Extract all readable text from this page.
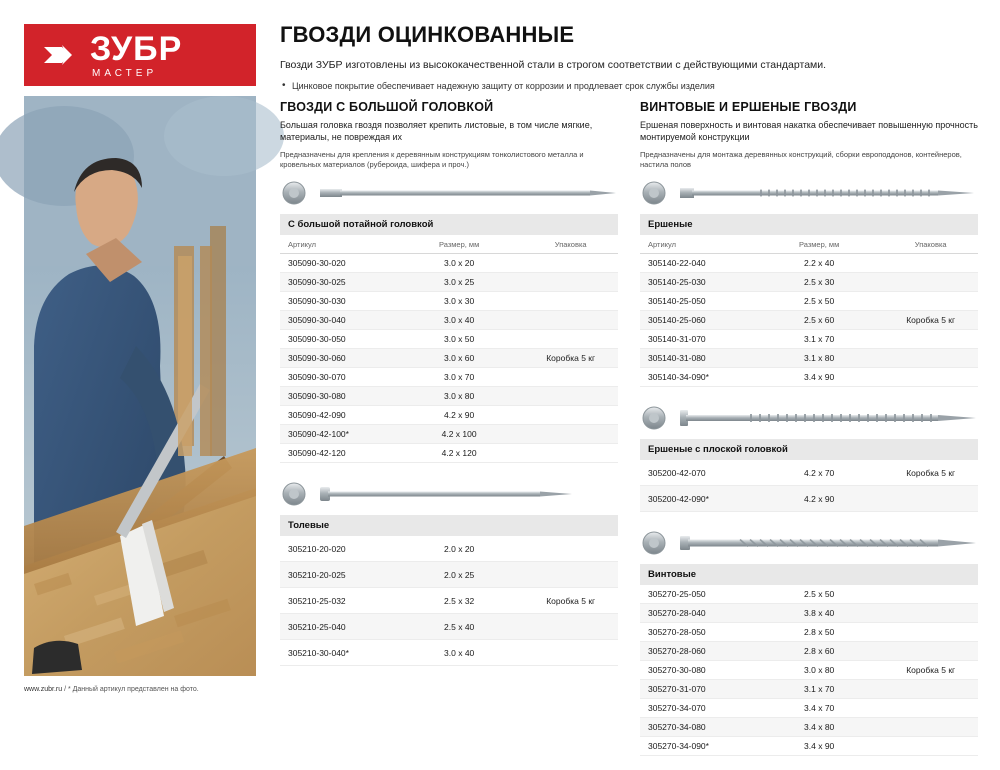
ЗУБР
МАСТЕР
ГВОЗДИ ОЦИНКОВАННЫЕ
Гвозди ЗУБР изготовлены из высококачественной стали в строгом соответствии с действующими стандартами.
• Цинковое покрытие обеспечивает надежную защиту от коррозии и продлевает срок службы изделия
www.zubr.ru / * Данный артикул представлен на фото.
ГВОЗДИ С БОЛЬШОЙ ГОЛОВКОЙ
Большая головка гвоздя позволяет крепить листовые, в том числе мягкие, материалы, не повреждая их
Предназначены для крепления к деревянным конструкциям тонколистового металла и кровельных материалов (рубероида, шифера и проч.)
С большой потайной головкой
Артикул	Размер, мм	Упаковка
305090-30-020	3.0 x 20	
305090-30-025	3.0 x 25	
305090-30-030	3.0 x 30	
305090-30-040	3.0 x 40	
305090-30-050	3.0 x 50	
305090-30-060	3.0 x 60	Коробка 5 кг
305090-30-070	3.0 x 70	
305090-30-080	3.0 x 80	
305090-42-090	4.2 x 90	
305090-42-100*	4.2 x 100	
305090-42-120	4.2 x 120	
Толевые
305210-20-020	2.0 x 20	
305210-20-025	2.0 x 25	
305210-25-032	2.5 x 32	Коробка 5 кг
305210-25-040	2.5 x 40	
305210-30-040*	3.0 x 40	
ВИНТОВЫЕ И ЕРШЕНЫЕ ГВОЗДИ
Ершеная поверхность и винтовая накатка обеспечивает повышенную прочность монтируемой конструкции
Предназначены для монтажа деревянных конструкций, сборки европоддонов, контейнеров, настила полов
Ершеные
Артикул	Размер, мм	Упаковка
305140-22-040	2.2 x 40	
305140-25-030	2.5 x 30	
305140-25-050	2.5 x 50	
305140-25-060	2.5 x 60	Коробка 5 кг
305140-31-070	3.1 x 70	
305140-31-080	3.1 x 80	
305140-34-090*	3.4 x 90	
Ершеные с плоской головкой
305200-42-070	4.2 x 70	Коробка 5 кг
305200-42-090*	4.2 x 90	
Винтовые
305270-25-050	2.5 x 50	
305270-28-040	3.8 x 40	
305270-28-050	2.8 x 50	
305270-28-060	2.8 x 60	
305270-30-080	3.0 x 80	Коробка 5 кг
305270-31-070	3.1 x 70	
305270-34-070	3.4 x 70	
305270-34-080	3.4 x 80	
305270-34-090*	3.4 x 90	
